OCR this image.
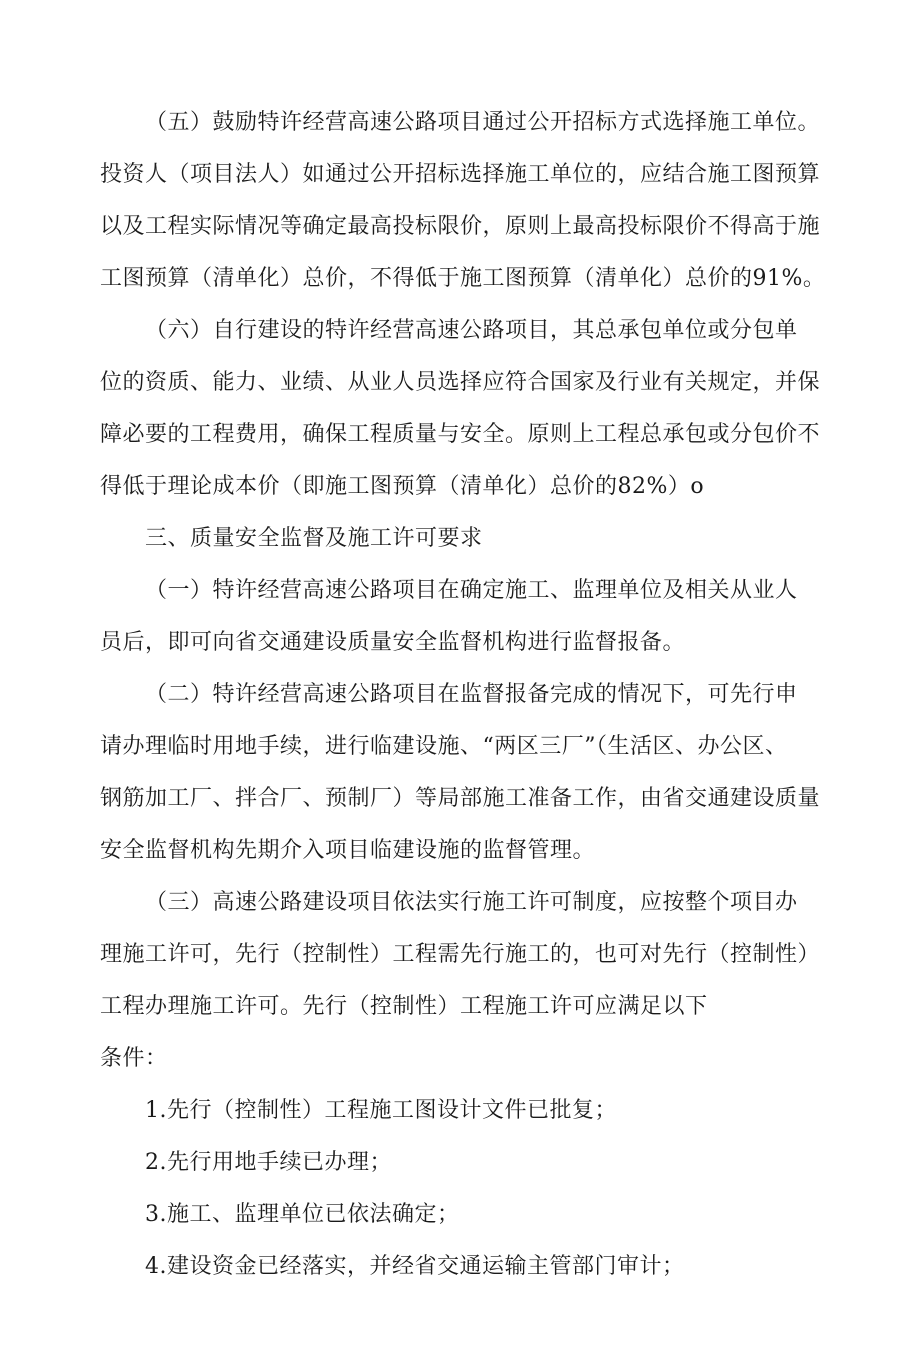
（五）鼓励特许经营高速公路项目通过公开招标方式选择施工单位。
投资人（项目法人）如通过公开招标选择施工单位的，应结合施工图预算
以及工程实际情况等确定最高投标限价，原则上最高投标限价不得高于施
工图预算（清单化）总价，不得低于施工图预算（清单化）总价的91%。
（六）自行建设的特许经营高速公路项目，其总承包单位或分包单
位的资质、能力、业绩、从业人员选择应符合国家及行业有关规定，并保
障必要的工程费用，确保工程质量与安全。原则上工程总承包或分包价不
得低于理论成本价（即施工图预算（清单化）总价的82%）o
三、质量安全监督及施工许可要求
（一）特许经营高速公路项目在确定施工、监理单位及相关从业人
员后，即可向省交通建设质量安全监督机构进行监督报备。
（二）特许经营高速公路项目在监督报备完成的情况下，可先行申
请办理临时用地手续，进行临建设施、“两区三厂”（生活区、办公区、
钢筋加工厂、拌合厂、预制厂）等局部施工准备工作，由省交通建设质量
安全监督机构先期介入项目临建设施的监督管理。
（三）高速公路建设项目依法实行施工许可制度，应按整个项目办
理施工许可，先行（控制性）工程需先行施工的，也可对先行（控制性）
工程办理施工许可。先行（控制性）工程施工许可应满足以下
条件：
1.先行（控制性）工程施工图设计文件已批复；
2.先行用地手续已办理；
3.施工、监理单位已依法确定；
4.建设资金已经落实，并经省交通运输主管部门审计；
